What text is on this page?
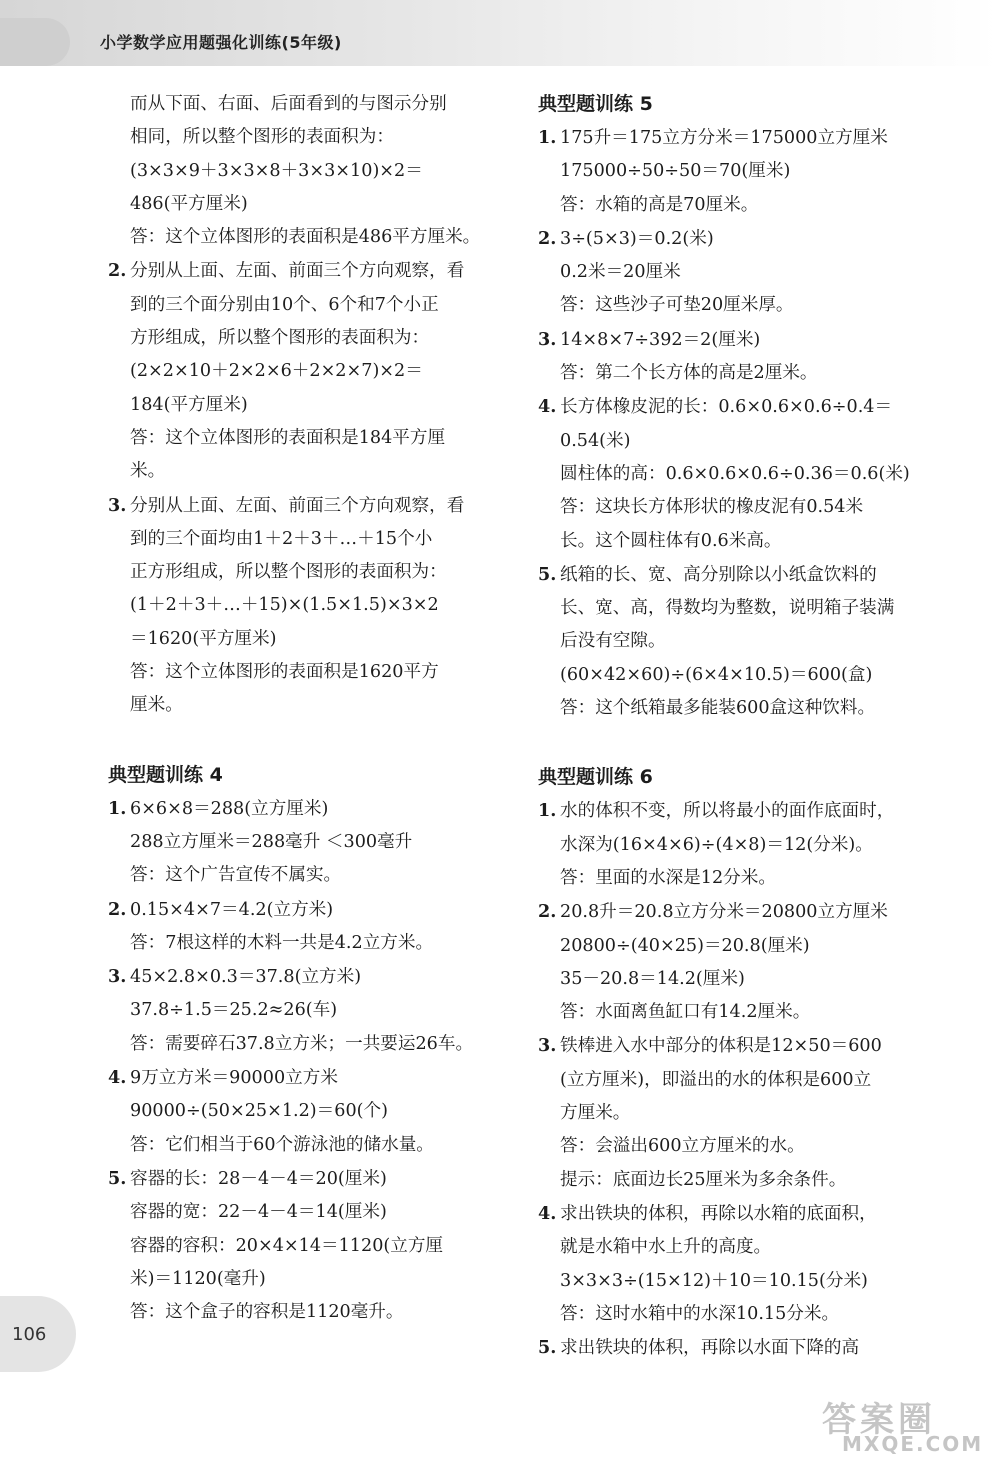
小学数学应用题强化训练(5年级)
而从下面、右面、后面看到的与图示分别
相同，所以整个图形的表面积为：
(3×3×9＋3×3×8＋3×3×10)×2＝
486(平方厘米)
答：这个立体图形的表面积是486平方厘米。
2. 分别从上面、左面、前面三个方向观察，看
到的三个面分别由10个、6个和7个小正
方形组成，所以整个图形的表面积为：
(2×2×10＋2×2×6＋2×2×7)×2＝
184(平方厘米)
答：这个立体图形的表面积是184平方厘
米。
3. 分别从上面、左面、前面三个方向观察，看
到的三个面均由1＋2＋3＋…＋15个小
正方形组成，所以整个图形的表面积为：
(1＋2＋3＋…＋15)×(1.5×1.5)×3×2
＝1620(平方厘米)
答：这个立体图形的表面积是1620平方
厘米。
典型题训练 4
1. 6×6×8＝288(立方厘米)
288立方厘米＝288毫升 ＜300毫升
答：这个广告宣传不属实。
2. 0.15×4×7＝4.2(立方米)
答：7根这样的木料一共是4.2立方米。
3. 45×2.8×0.3＝37.8(立方米)
37.8÷1.5＝25.2≈26(车)
答：需要碎石37.8立方米；一共要运26车。
4. 9万立方米＝90000立方米
90000÷(50×25×1.2)＝60(个)
答：它们相当于60个游泳池的储水量。
5. 容器的长：28－4－4＝20(厘米)
容器的宽：22－4－4＝14(厘米)
容器的容积：20×4×14＝1120(立方厘
米)＝1120(毫升)
答：这个盒子的容积是1120毫升。
典型题训练 5
1. 175升＝175立方分米＝175000立方厘米
175000÷50÷50＝70(厘米)
答：水箱的高是70厘米。
2. 3÷(5×3)＝0.2(米)
0.2米＝20厘米
答：这些沙子可垫20厘米厚。
3. 14×8×7÷392＝2(厘米)
答：第二个长方体的高是2厘米。
4. 长方体橡皮泥的长：0.6×0.6×0.6÷0.4＝
0.54(米)
圆柱体的高：0.6×0.6×0.6÷0.36＝0.6(米)
答：这块长方体形状的橡皮泥有0.54米
长。这个圆柱体有0.6米高。
5. 纸箱的长、宽、高分别除以小纸盒饮料的
长、宽、高，得数均为整数，说明箱子装满
后没有空隙。
(60×42×60)÷(6×4×10.5)＝600(盒)
答：这个纸箱最多能装600盒这种饮料。
典型题训练 6
1. 水的体积不变，所以将最小的面作底面时，
水深为(16×4×6)÷(4×8)＝12(分米)。
答：里面的水深是12分米。
2. 20.8升＝20.8立方分米＝20800立方厘米
20800÷(40×25)＝20.8(厘米)
35－20.8＝14.2(厘米)
答：水面离鱼缸口有14.2厘米。
3. 铁棒进入水中部分的体积是12×50＝600
(立方厘米)，即溢出的水的体积是600立
方厘米。
答：会溢出600立方厘米的水。
提示：底面边长25厘米为多余条件。
4. 求出铁块的体积，再除以水箱的底面积，
就是水箱中水上升的高度。
3×3×3÷(15×12)＋10＝10.15(分米)
答：这时水箱中的水深10.15分米。
5. 求出铁块的体积，再除以水面下降的高
106
答案圈
MXQE.COM
